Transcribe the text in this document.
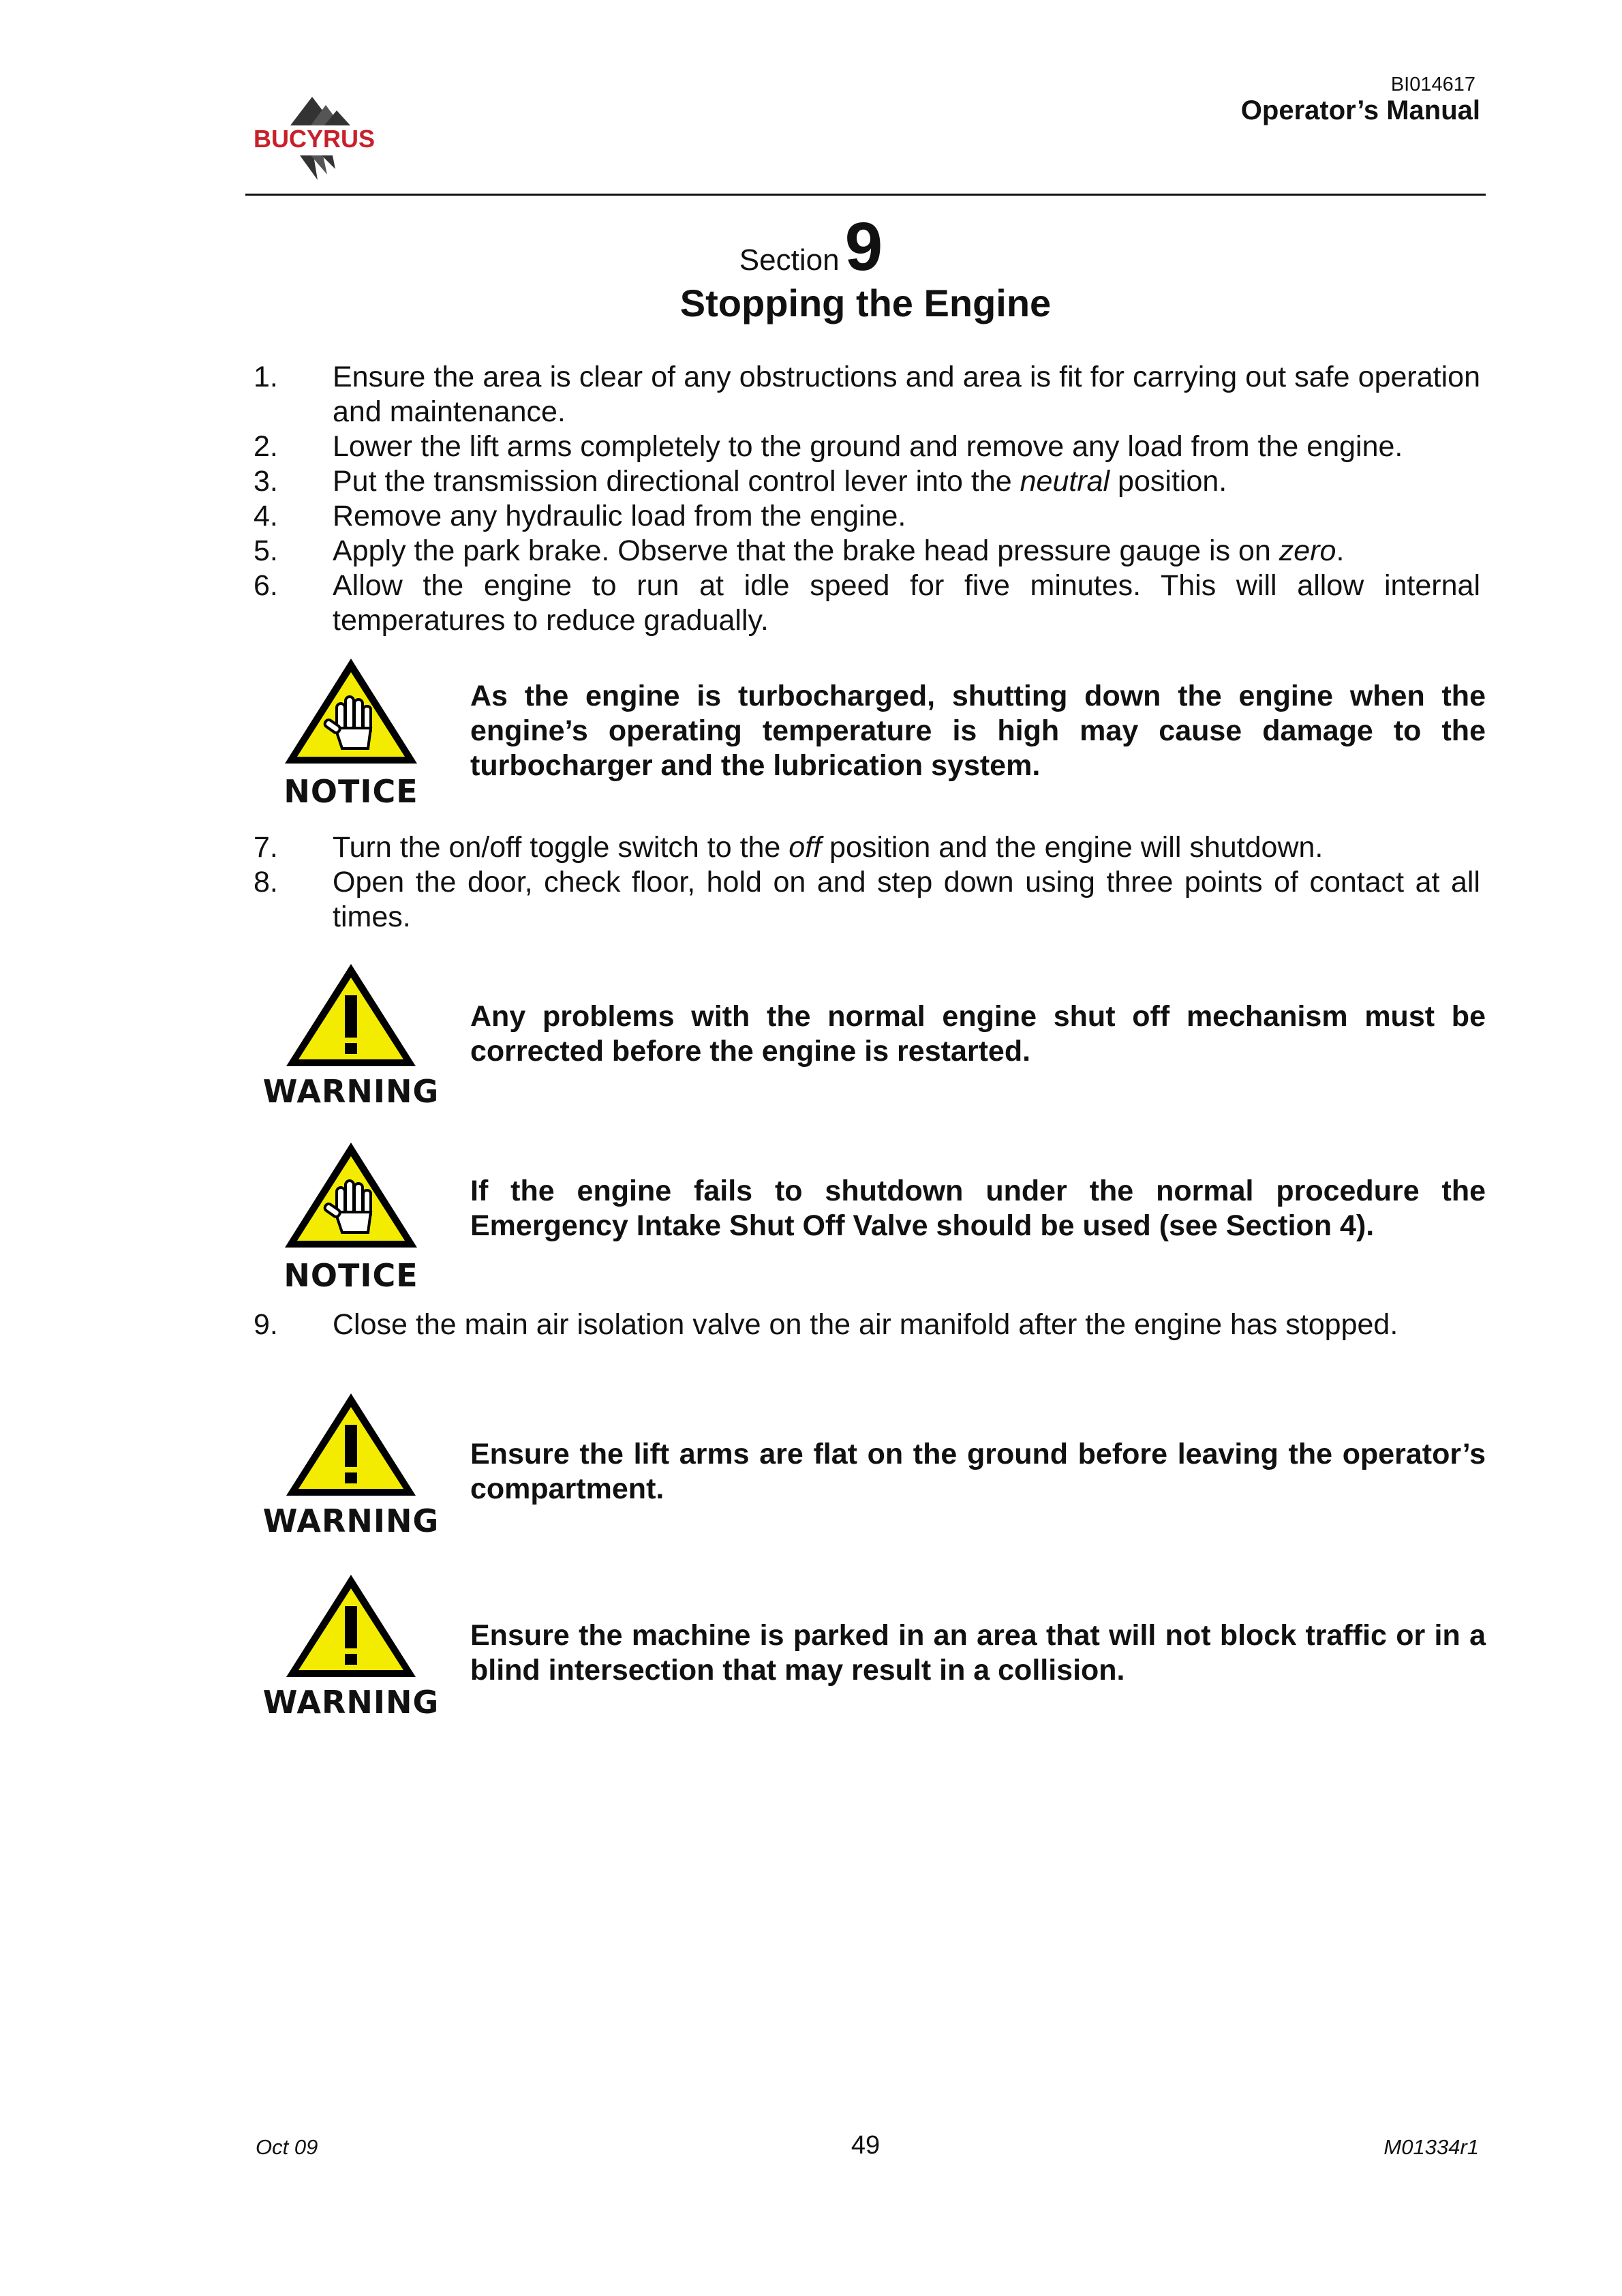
BUCYRUS
BI014617
Operator’s Manual
Section9
Stopping the Engine
1.	Ensure the area is clear of any obstructions and area is fit for carrying out safe operation and maintenance.
2.	Lower the lift arms completely to the ground and remove any load from the engine.
3.	Put the transmission directional control lever into the neutral position.
4.	Remove any hydraulic load from the engine.
5.	Apply the park brake. Observe that the brake head pressure gauge is on zero.
6.	Allow the engine to run at idle speed for five minutes. This will allow internal temperatures to reduce gradually.
NOTICE
As the engine is turbocharged, shutting down the engine when the engine’s operating temperature is high may cause damage to the turbocharger and the lubrication system.
7.	Turn the on/off toggle switch to the off position and the engine will shutdown.
8.	Open the door, check floor, hold on and step down using three points of contact at all times.
WARNING
Any problems with the normal engine shut off mechanism must be corrected before the engine is restarted.
NOTICE
If the engine fails to shutdown under the normal procedure the Emergency Intake Shut Off Valve should be used (see Section 4).
9.	Close the main air isolation valve on the air manifold after the engine has stopped.
WARNING
Ensure the lift arms are flat on the ground before leaving the operator’s compartment.
WARNING
Ensure the machine is parked in an area that will not block traffic or in a blind intersection that may result in a collision.
Oct 09	49	M01334r1
